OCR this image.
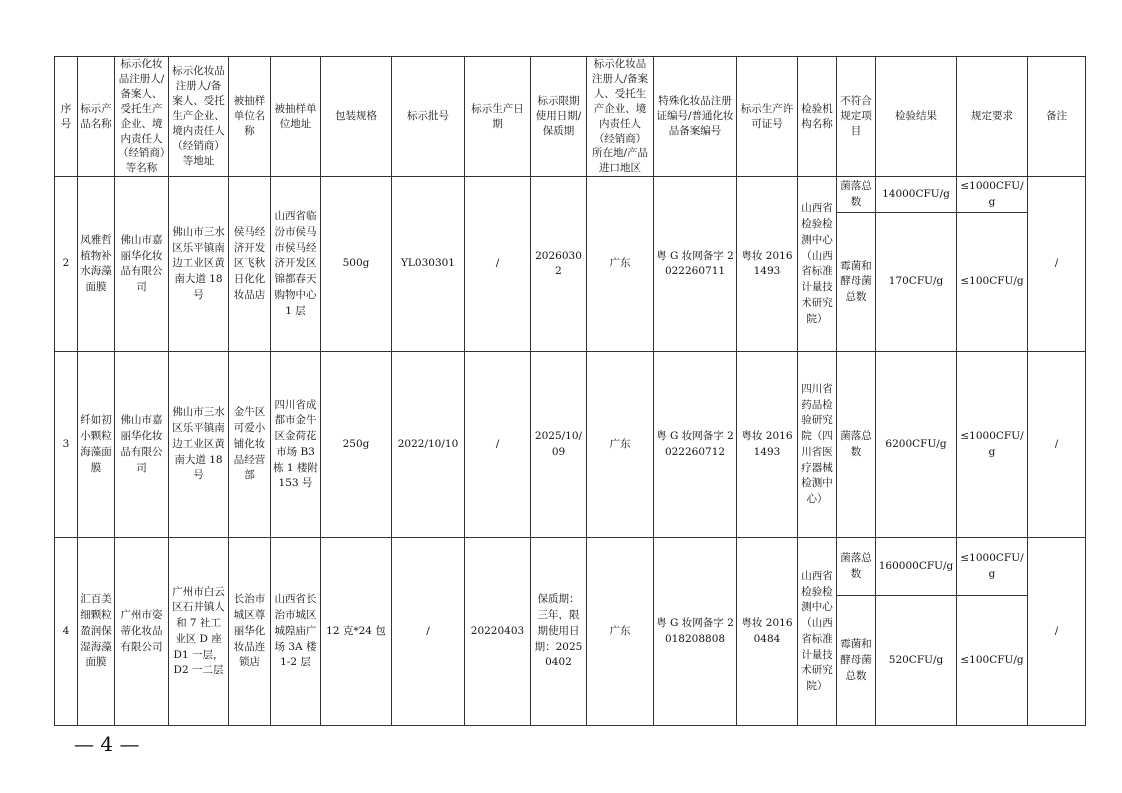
序号	标示产品名称	标示化妆品注册人/备案人、受托生产企业、境内责任人（经销商）等名称	标示化妆品注册人/备案人、受托生产企业、境内责任人（经销商）等地址	被抽样单位名称	被抽样单位地址	包装规格	标示批号	标示生产日期	标示限期使用日期/保质期	标示化妆品注册人/备案人、受托生产企业、境内责任人（经销商）所在地/产品进口地区	特殊化妆品注册证编号/普通化妆品备案编号	标示生产许可证号	检验机构名称	不符合规定项目	检验结果	规定要求	备注
2	凤雅哲植物补水海藻面膜	佛山市嘉丽华化妆品有限公司	佛山市三水区乐平镇南边工业区黄南大道 18 号	侯马经济开发区飞秋日化化妆品店	山西省临汾市侯马市侯马经济开发区锦都春天购物中心 1 层	500g	YL030301	/	20260302	广东	粤 G 妆网备字 2022260711	粤妆 20161493	山西省检验检测中心（山西省标准计量技术研究院）	菌落总数	14000CFU/g	≤1000CFU/g	/
														霉菌和酵母菌总数	170CFU/g	≤100CFU/g	
3	纤如初小颗粒海藻面膜	佛山市嘉丽华化妆品有限公司	佛山市三水区乐平镇南边工业区黄南大道 18 号	金牛区可爱小铺化妆品经营部	四川省成都市金牛区金荷花市场 B3 栋 1 楼附 153 号	250g	2022/10/10	/	2025/10/09	广东	粤 G 妆网备字 2022260712	粤妆 20161493	四川省药品检验研究院（四川省医疗器械检测中心）	菌落总数	6200CFU/g	≤1000CFU/g	/
4	汇百美细颗粒盈润保湿海藻面膜	广州市姿蒂化妆品有限公司	广州市白云区石井镇人和 7 社工业区 D 座 D1 一层，D2 一二层	长治市城区尊丽华化妆品连锁店	山西省长治市城区城隍庙广场 3A 楼 1-2 层	12 克*24 包	/	20220403	保质期：三年，限期使用日期：20250402	广东	粤 G 妆网备字 2018208808	粤妆 20160484	山西省检验检测中心（山西省标准计量技术研究院）	菌落总数	160000CFU/g	≤1000CFU/g	/
														霉菌和酵母菌总数	520CFU/g	≤100CFU/g	
— 4 —
